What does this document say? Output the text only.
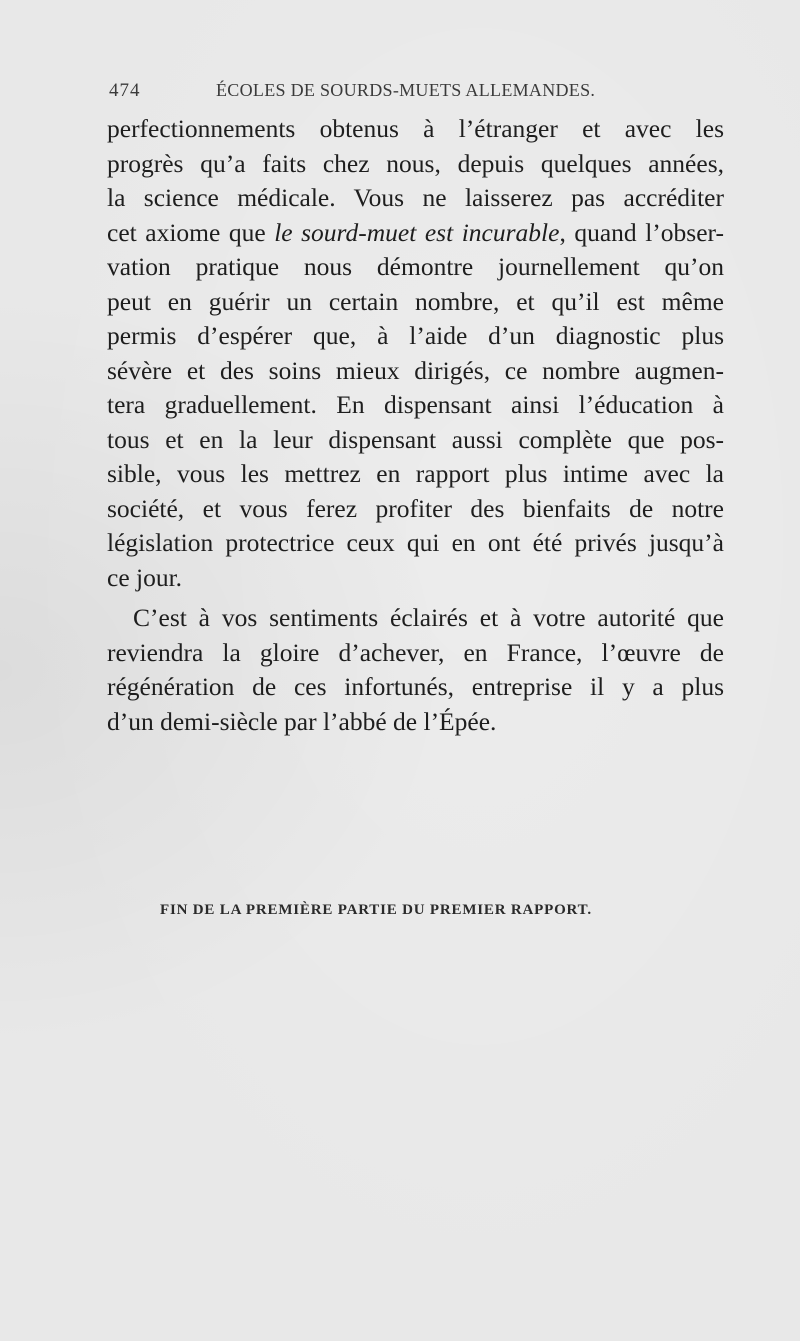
474	ÉCOLES DE SOURDS-MUETS ALLEMANDES.
perfectionnements obtenus à l’étranger et avec les
progrès qu’a faits chez nous, depuis quelques années,
la science médicale. Vous ne laisserez pas accréditer
cet axiome que le sourd-muet est incurable, quand l’obser-
vation pratique nous démontre journellement qu’on
peut en guérir un certain nombre, et qu’il est même
permis d’espérer que, à l’aide d’un diagnostic plus
sévère et des soins mieux dirigés, ce nombre augmen-
tera graduellement. En dispensant ainsi l’éducation à
tous et en la leur dispensant aussi complète que pos-
sible, vous les mettrez en rapport plus intime avec la
société, et vous ferez profiter des bienfaits de notre
législation protectrice ceux qui en ont été privés jusqu’à
ce jour.
C’est à vos sentiments éclairés et à votre autorité que
reviendra la gloire d’achever, en France, l’œuvre de
régénération de ces infortunés, entreprise il y a plus
d’un demi-siècle par l’abbé de l’Épée.
FIN DE LA PREMIÈRE PARTIE DU PREMIER RAPPORT.
